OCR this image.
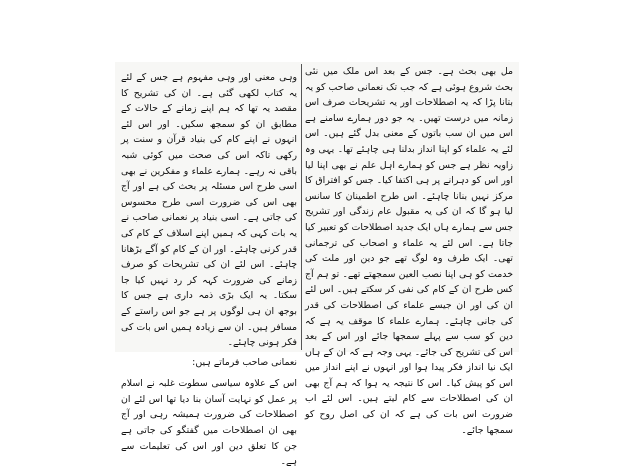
مل بھی بحث ہے۔ جس کے بعد اس ملک میں نئی بحث شروع ہوئی ہے کہ جب تک نعمانی صاحب کو یہ بتانا پڑا کہ یہ اصطلاحات اور یہ تشریحات صرف اس زمانہ میں درست تھیں۔ یہ جو دور ہمارے سامنے ہے اس میں ان سب باتوں کے معنی بدل گئے ہیں۔ اس لئے یہ علماء کو اپنا انداز بدلنا ہی چاہئے تھا۔ یہی وہ زاویہ نظر ہے جس کو ہمارے اہل علم نے بھی اپنا لیا اور اس کو دہرانے پر ہی اکتفا کیا۔ جس کو افتراق کا مرکز نہیں بنانا چاہئے۔ اس طرح اطمینان کا سانس لیا ہو گا کہ ان کی یہ مقبول عام زندگی اور تشریح جس سے ہمارے ہاں ایک جدید اصطلاحات کو تعبیر کیا جاتا ہے۔ اس لئے یہ علماء و اصحاب کی ترجمانی تھی۔ ایک طرف وہ لوگ تھے جو دین اور ملت کی خدمت کو ہی اپنا نصب العین سمجھتے تھے۔ تو ہم آج کس طرح ان کے کام کی نفی کر سکتے ہیں۔ اس لئے ان کی اور ان جیسے علماء کی اصطلاحات کی قدر کی جانی چاہئے۔ ہمارے علماء کا موقف یہ ہے کہ دین کو سب سے پہلے سمجھا جائے اور اس کے بعد اس کی تشریح کی جائے۔ یہی وجہ ہے کہ ان کے ہاں ایک نیا انداز فکر پیدا ہوا اور انہوں نے اپنے انداز میں اس کو پیش کیا۔ اس کا نتیجہ یہ ہوا کہ ہم آج بھی ان کی اصطلاحات سے کام لیتے ہیں۔ اس لئے اب ضرورت اس بات کی ہے کہ ان کی اصل روح کو سمجھا جائے۔

وہی معنی اور وہی مفہوم ہے جس کے لئے یہ کتاب لکھی گئی ہے۔ ان کی تشریح کا مقصد یہ تھا کہ ہم اپنے زمانے کے حالات کے مطابق ان کو سمجھ سکیں۔ اور اس لئے انہوں نے اپنے کام کی بنیاد قرآن و سنت پر رکھی تاکہ اس کی صحت میں کوئی شبہ باقی نہ رہے۔ ہمارے علماء و مفکرین نے بھی اسی طرح اس مسئلہ پر بحث کی ہے اور آج بھی اس کی ضرورت اسی طرح محسوس کی جاتی ہے۔ اسی بنیاد پر نعمانی صاحب نے یہ بات کہی کہ ہمیں اپنے اسلاف کے کام کی قدر کرنی چاہئے۔ اور ان کے کام کو آگے بڑھانا چاہئے۔ اس لئے ان کی تشریحات کو صرف زمانے کی ضرورت کہہ کر رد نہیں کیا جا سکتا۔ یہ ایک بڑی ذمہ داری ہے جس کا بوجھ ان ہی لوگوں پر ہے جو اس راستے کے مسافر ہیں۔ ان سے زیادہ ہمیں اس بات کی فکر ہونی چاہئے۔

نعمانی صاحب فرماتے ہیں:

اس کے علاوہ سیاسی سطوت غلبہ نے اسلام پر عمل کو نہایت آسان بنا دیا تھا اس لئے ان اصطلاحات کی ضرورت ہمیشہ رہی اور آج بھی ان اصطلاحات میں گفتگو کی جاتی ہے جن کا تعلق دین اور اس کی تعلیمات سے ہے۔
